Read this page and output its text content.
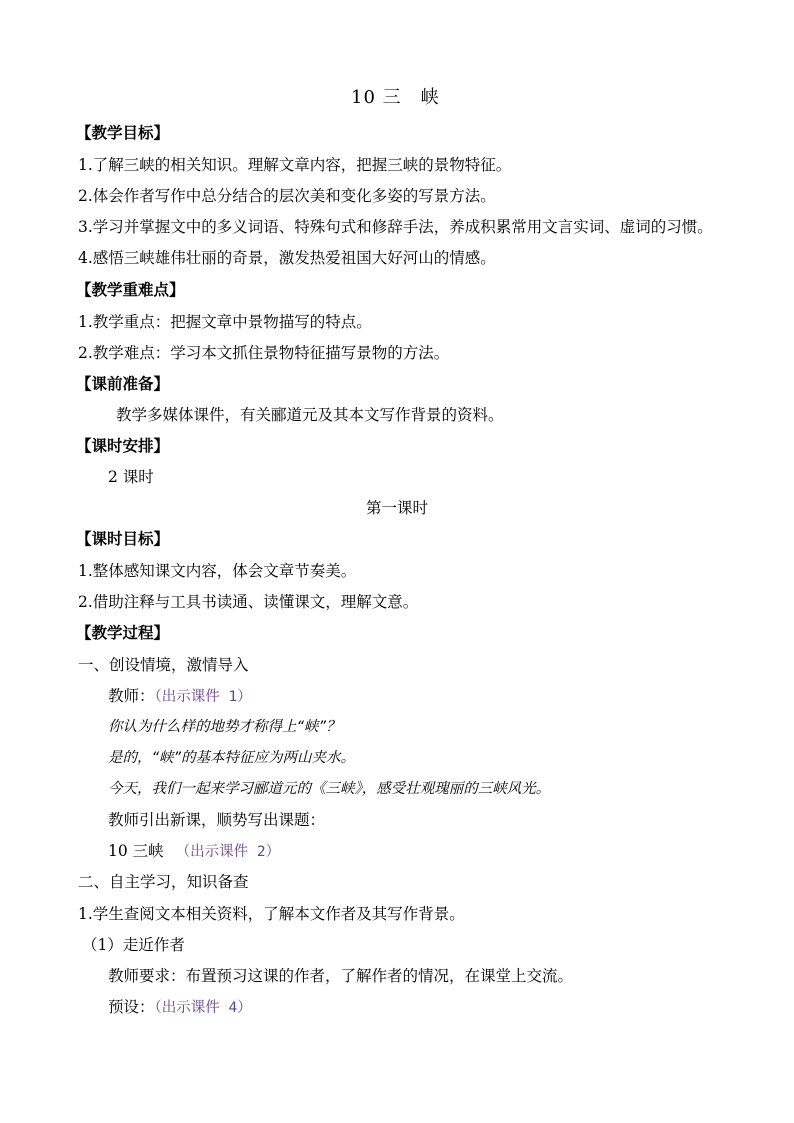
10 三　峡
【教学目标】
1.了解三峡的相关知识。理解文章内容，把握三峡的景物特征。
2.体会作者写作中总分结合的层次美和变化多姿的写景方法。
3.学习并掌握文中的多义词语、特殊句式和修辞手法，养成积累常用文言实词、虚词的习惯。
4.感悟三峡雄伟壮丽的奇景，激发热爱祖国大好河山的情感。
【教学重难点】
1.教学重点：把握文章中景物描写的特点。
2.教学难点：学习本文抓住景物特征描写景物的方法。
【课前准备】
教学多媒体课件，有关郦道元及其本文写作背景的资料。
【课时安排】
2 课时
第一课时
【课时目标】
1.整体感知课文内容，体会文章节奏美。
2.借助注释与工具书读通、读懂课文，理解文意。
【教学过程】
一、创设情境，激情导入
教师：（出示课件 1）
你认为什么样的地势才称得上“峡”？
是的，“峡”的基本特征应为两山夹水。
今天，我们一起来学习郦道元的《三峡》，感受壮观瑰丽的三峡风光。
教师引出新课，顺势写出课题：
10 三峡 （出示课件 2）
二、自主学习，知识备查
1.学生查阅文本相关资料，了解本文作者及其写作背景。
（1）走近作者
教师要求：布置预习这课的作者，了解作者的情况，在课堂上交流。
预设：（出示课件 4）
